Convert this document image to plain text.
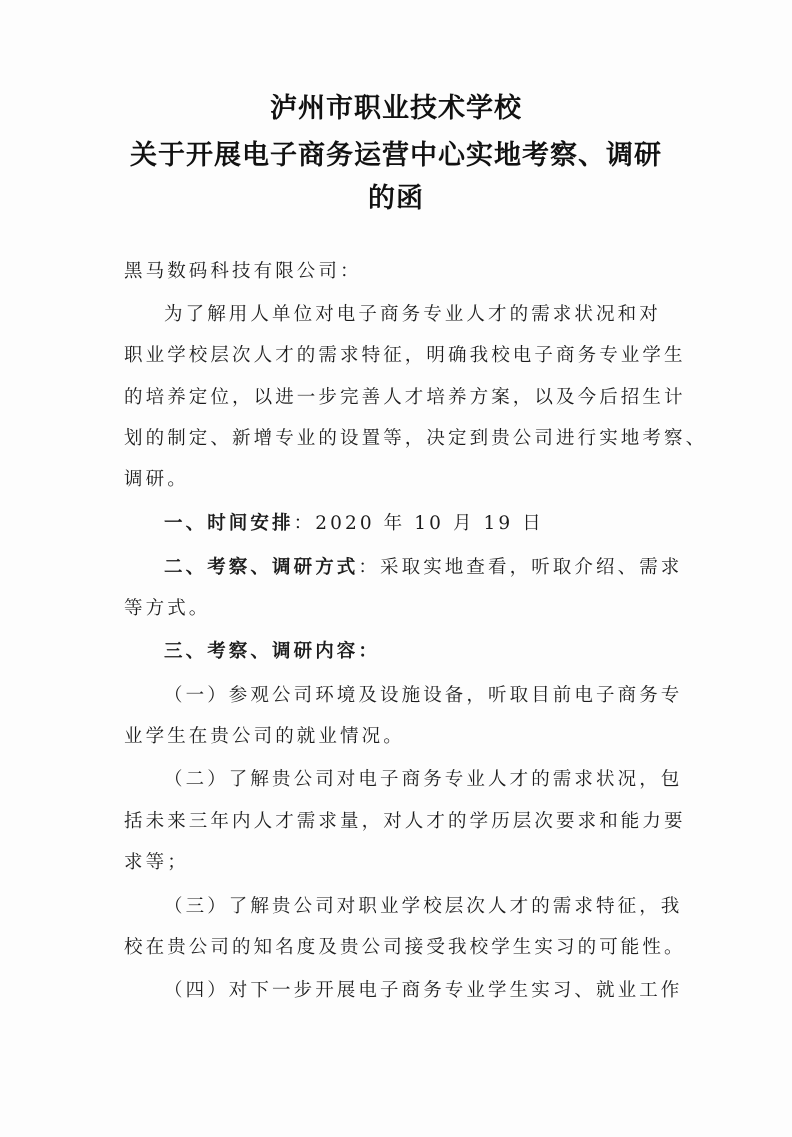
泸州市职业技术学校
关于开展电子商务运营中心实地考察、调研
的函
黑马数码科技有限公司：
为了解用人单位对电子商务专业人才的需求状况和对
职业学校层次人才的需求特征，明确我校电子商务专业学生
的培养定位，以进一步完善人才培养方案，以及今后招生计
划的制定、新增专业的设置等，决定到贵公司进行实地考察、
调研。
一、时间安排：2020 年 10 月 19 日
二、考察、调研方式：采取实地查看，听取介绍、需求
等方式。
三、考察、调研内容：
（一）参观公司环境及设施设备，听取目前电子商务专
业学生在贵公司的就业情况。
（二）了解贵公司对电子商务专业人才的需求状况，包
括未来三年内人才需求量，对人才的学历层次要求和能力要
求等；
（三）了解贵公司对职业学校层次人才的需求特征，我
校在贵公司的知名度及贵公司接受我校学生实习的可能性。
（四）对下一步开展电子商务专业学生实习、就业工作
